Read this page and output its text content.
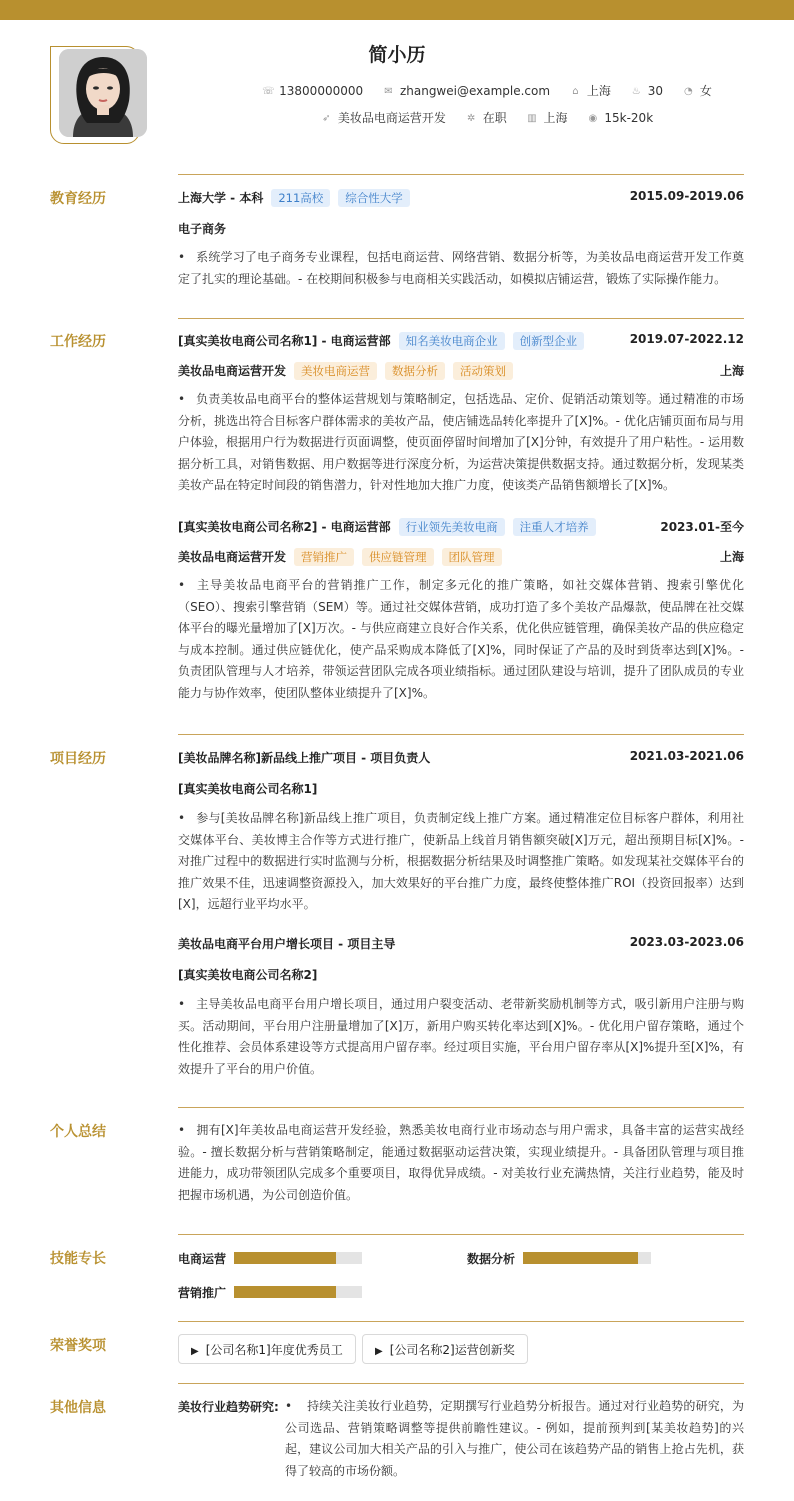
简小历
☏ 13800000000 ✉ zhangwei@example.com ⌂ 上海 ♨ 30 ◔ 女
➶ 美妆品电商运营开发 ✲ 在职 ▥ 上海 ◉ 15k-20k
教育经历	上海大学 - 本科 211高校 综合性大学	2015.09-2019.06
电子商务
• 系统学习了电子商务专业课程，包括电商运营、网络营销、数据分析等，为美妆品电商运营开发工作奠定了扎实的理论基础。- 在校期间积极参与电商相关实践活动，如模拟店铺运营，锻炼了实际操作能力。
工作经历	[真实美妆电商公司名称1] - 电商运营部 知名美妆电商企业 创新型企业	2019.07-2022.12
美妆品电商运营开发 美妆电商运营 数据分析 活动策划	上海
• 负责美妆品电商平台的整体运营规划与策略制定，包括选品、定价、促销活动策划等。通过精准的市场分析，挑选出符合目标客户群体需求的美妆产品，使店铺选品转化率提升了[X]%。- 优化店铺页面布局与用户体验，根据用户行为数据进行页面调整，使页面停留时间增加了[X]分钟，有效提升了用户粘性。- 运用数据分析工具，对销售数据、用户数据等进行深度分析，为运营决策提供数据支持。通过数据分析，发现某类美妆产品在特定时间段的销售潜力，针对性地加大推广力度，使该类产品销售额增长了[X]%。
[真实美妆电商公司名称2] - 电商运营部 行业领先美妆电商 注重人才培养	2023.01-至今
美妆品电商运营开发 营销推广 供应链管理 团队管理	上海
• 主导美妆品电商平台的营销推广工作，制定多元化的推广策略，如社交媒体营销、搜索引擎优化（SEO）、搜索引擎营销（SEM）等。通过社交媒体营销，成功打造了多个美妆产品爆款，使品牌在社交媒体平台的曝光量增加了[X]万次。- 与供应商建立良好合作关系，优化供应链管理，确保美妆产品的供应稳定与成本控制。通过供应链优化，使产品采购成本降低了[X]%，同时保证了产品的及时到货率达到[X]%。- 负责团队管理与人才培养，带领运营团队完成各项业绩指标。通过团队建设与培训，提升了团队成员的专业能力与协作效率，使团队整体业绩提升了[X]%。
项目经历	[美妆品牌名称]新品线上推广项目 - 项目负责人	2021.03-2021.06
[真实美妆电商公司名称1]
• 参与[美妆品牌名称]新品线上推广项目，负责制定线上推广方案。通过精准定位目标客户群体，利用社交媒体平台、美妆博主合作等方式进行推广，使新品上线首月销售额突破[X]万元，超出预期目标[X]%。- 对推广过程中的数据进行实时监测与分析，根据数据分析结果及时调整推广策略。如发现某社交媒体平台的推广效果不佳，迅速调整资源投入，加大效果好的平台推广力度，最终使整体推广ROI（投资回报率）达到[X]，远超行业平均水平。
美妆品电商平台用户增长项目 - 项目主导	2023.03-2023.06
[真实美妆电商公司名称2]
• 主导美妆品电商平台用户增长项目，通过用户裂变活动、老带新奖励机制等方式，吸引新用户注册与购买。活动期间，平台用户注册量增加了[X]万，新用户购买转化率达到[X]%。- 优化用户留存策略，通过个性化推荐、会员体系建设等方式提高用户留存率。经过项目实施，平台用户留存率从[X]%提升至[X]%，有效提升了平台的用户价值。
个人总结	• 拥有[X]年美妆品电商运营开发经验，熟悉美妆电商行业市场动态与用户需求，具备丰富的运营实战经验。- 擅长数据分析与营销策略制定，能通过数据驱动运营决策，实现业绩提升。- 具备团队管理与项目推进能力，成功带领团队完成多个重要项目，取得优异成绩。- 对美妆行业充满热情，关注行业趋势，能及时把握市场机遇，为公司创造价值。
技能专长	电商运营	数据分析
营销推广
荣誉奖项	▶ [公司名称1]年度优秀员工	▶ [公司名称2]运营创新奖
其他信息	美妆行业趋势研究: • 持续关注美妆行业趋势，定期撰写行业趋势分析报告。通过对行业趋势的研究，为公司选品、营销策略调整等提供前瞻性建议。- 例如，提前预判到[某美妆趋势]的兴起，建议公司加大相关产品的引入与推广，使公司在该趋势产品的销售上抢占先机，获得了较高的市场份额。
